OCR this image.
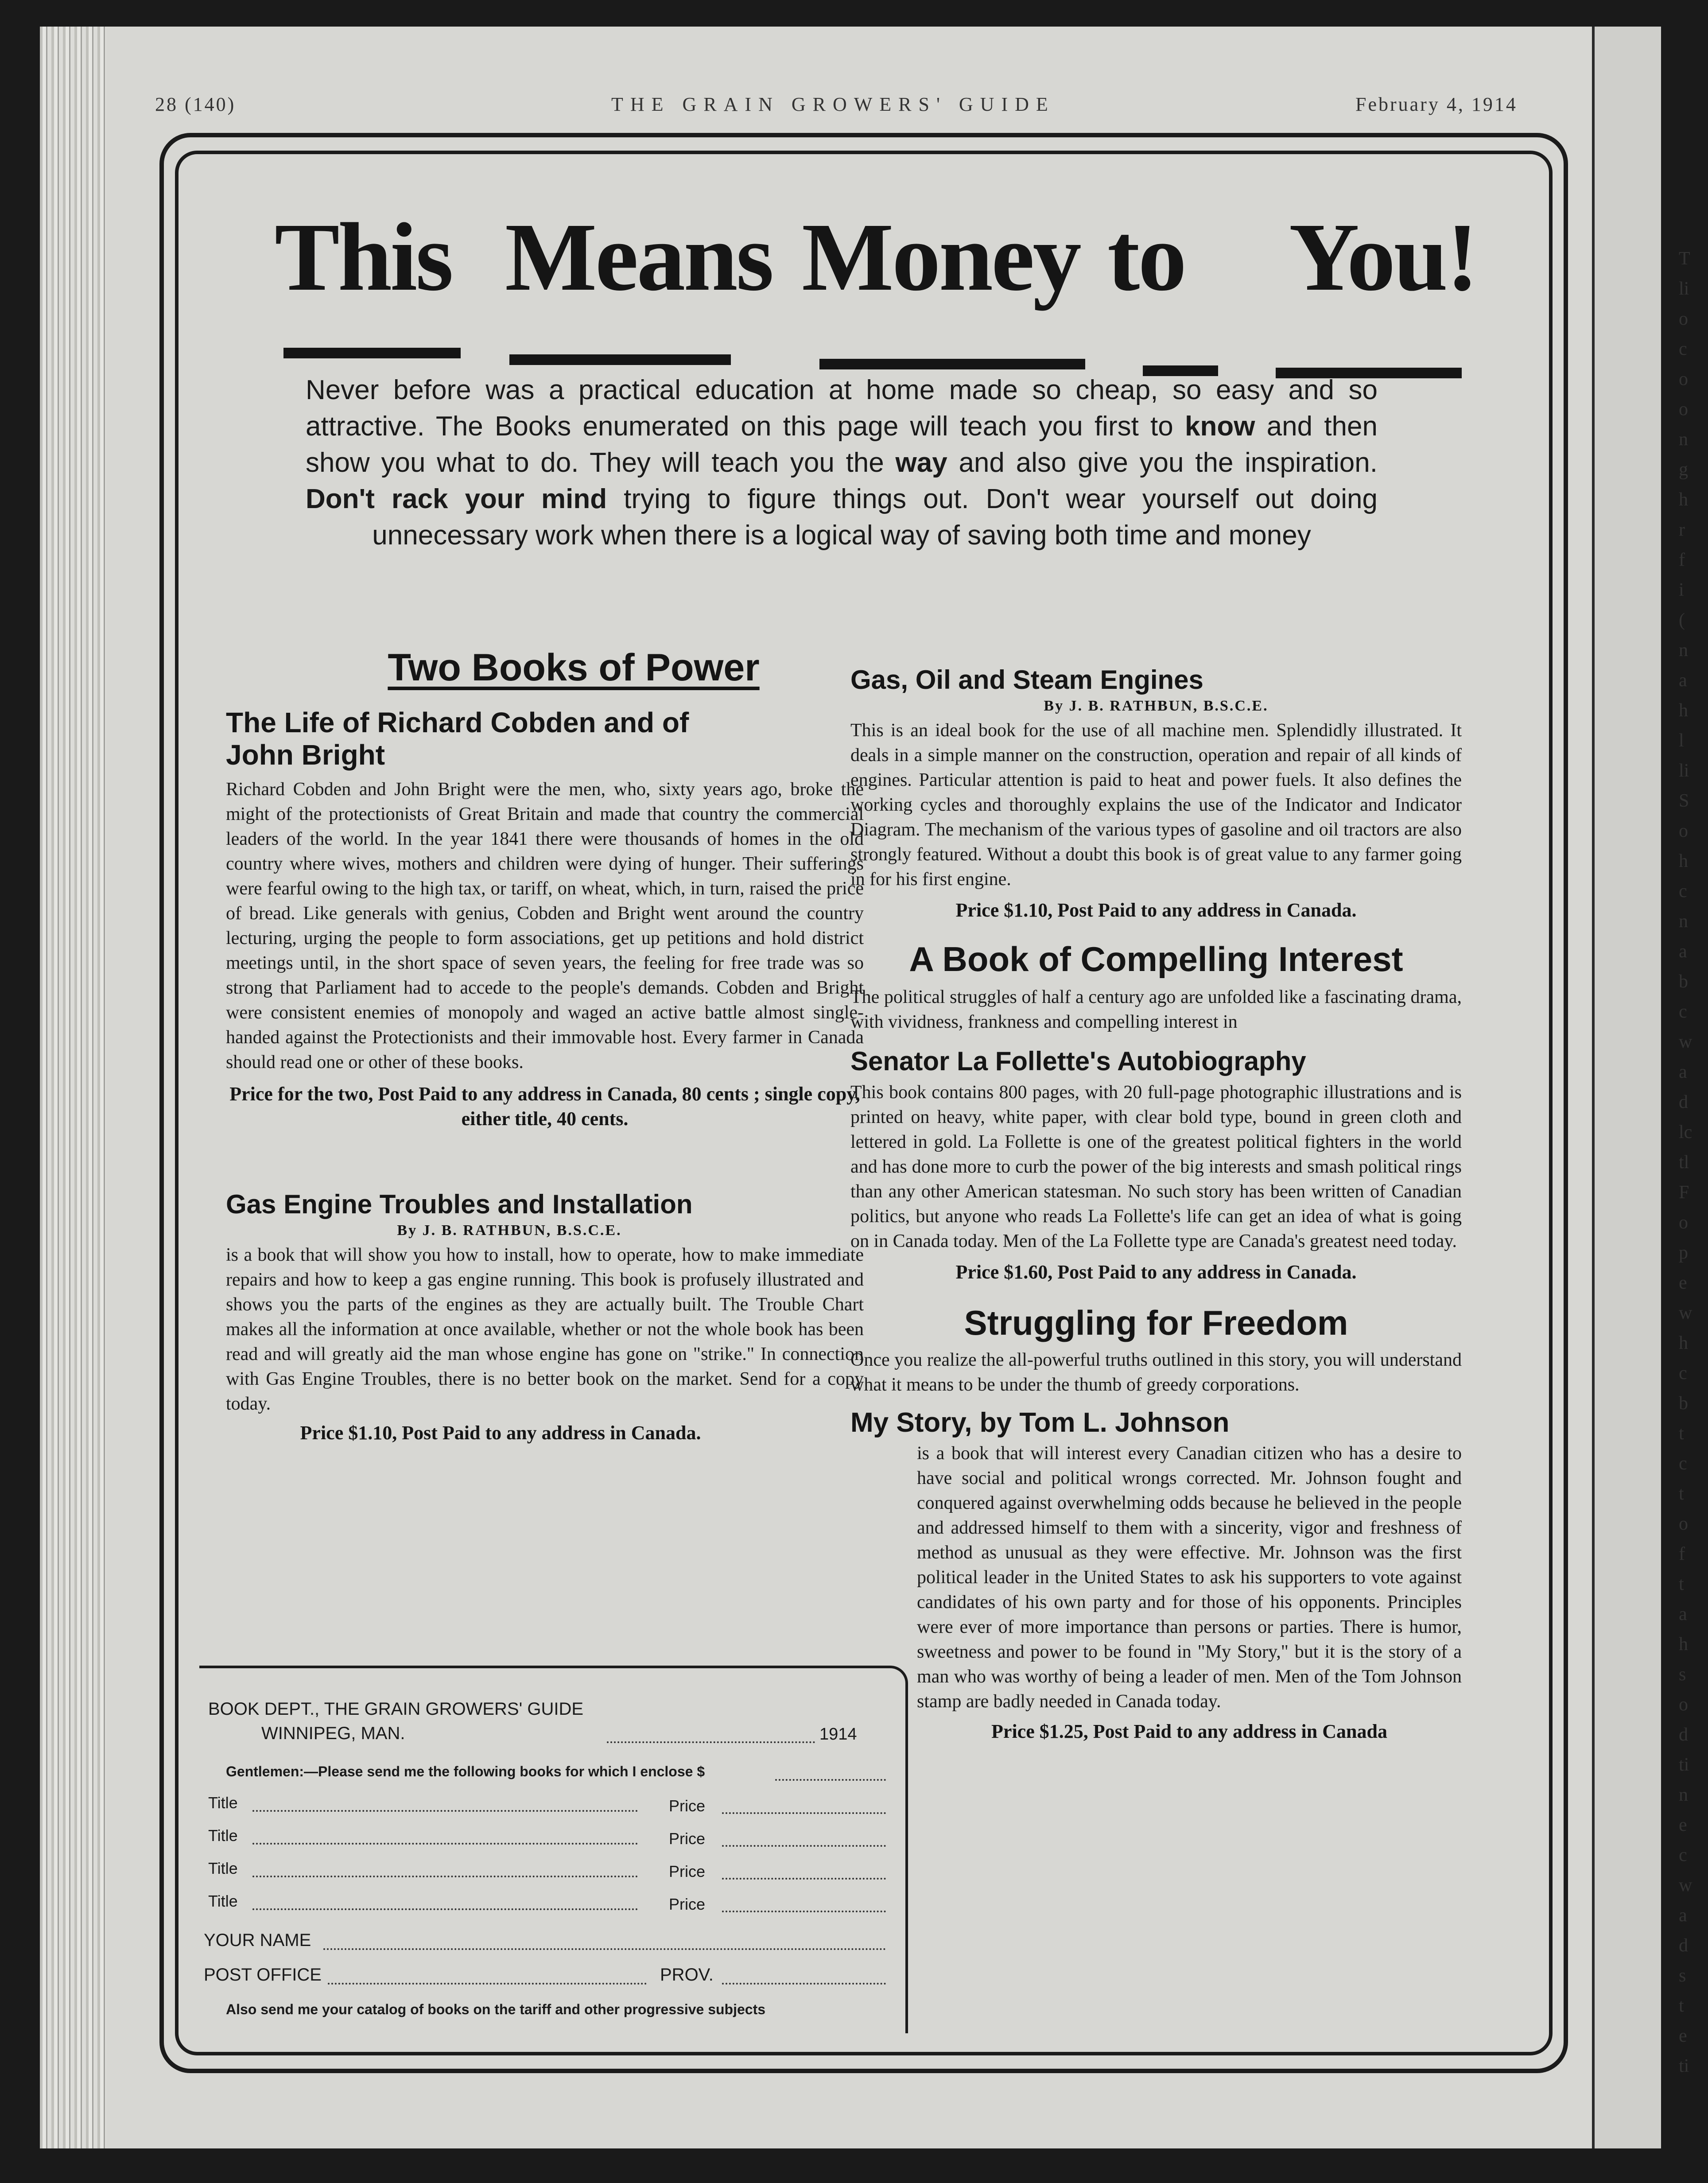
28 (140)	THE GRAIN GROWERS' GUIDE	February 4, 1914
This Means Money to You!
Never before was a practical education at home made so cheap, so easy and so attractive. The Books enumerated on this page will teach you first to know and then show you what to do. They will teach you the way and also give you the inspiration. Don't rack your mind trying to figure things out. Don't wear yourself out doing unnecessary work when there is a logical way of saving both time and money
Two Books of Power
The Life of Richard Cobden and of John Bright
Richard Cobden and John Bright were the men, who, sixty years ago, broke the might of the protectionists of Great Britain and made that country the commercial leaders of the world. In the year 1841 there were thousands of homes in the old country where wives, mothers and children were dying of hunger. Their sufferings were fearful owing to the high tax, or tariff, on wheat, which, in turn, raised the price of bread. Like generals with genius, Cobden and Bright went around the country lecturing, urging the people to form associations, get up petitions and hold district meetings until, in the short space of seven years, the feeling for free trade was so strong that Parliament had to accede to the people's demands. Cobden and Bright were consistent enemies of monopoly and waged an active battle almost single-handed against the Protectionists and their immovable host. Every farmer in Canada should read one or other of these books.
Price for the two, Post Paid to any address in Canada, 80 cents ; single copy, either title, 40 cents.
Gas Engine Troubles and Installation
By J. B. RATHBUN, B.S.C.E.
is a book that will show you how to install, how to operate, how to make immediate repairs and how to keep a gas engine running. This book is profusely illustrated and shows you the parts of the engines as they are actually built. The Trouble Chart makes all the information at once available, whether or not the whole book has been read and will greatly aid the man whose engine has gone on "strike." In connection with Gas Engine Troubles, there is no better book on the market. Send for a copy today.
Price $1.10, Post Paid to any address in Canada.
Gas, Oil and Steam Engines
By J. B. RATHBUN, B.S.C.E.
This is an ideal book for the use of all machine men. Splendidly illustrated. It deals in a simple manner on the construction, operation and repair of all kinds of engines. Particular attention is paid to heat and power fuels. It also defines the working cycles and thoroughly explains the use of the Indicator and Indicator Diagram. The mechanism of the various types of gasoline and oil tractors are also strongly featured. Without a doubt this book is of great value to any farmer going in for his first engine.
Price $1.10, Post Paid to any address in Canada.
A Book of Compelling Interest
The political struggles of half a century ago are unfolded like a fascinating drama, with vividness, frankness and compelling interest in
Senator La Follette's Autobiography
This book contains 800 pages, with 20 full-page photographic illustrations and is printed on heavy, white paper, with clear bold type, bound in green cloth and lettered in gold. La Follette is one of the greatest political fighters in the world and has done more to curb the power of the big interests and smash political rings than any other American statesman. No such story has been written of Canadian politics, but anyone who reads La Follette's life can get an idea of what is going on in Canada today. Men of the La Follette type are Canada's greatest need today.
Price $1.60, Post Paid to any address in Canada.
Struggling for Freedom
Once you realize the all-powerful truths outlined in this story, you will understand what it means to be under the thumb of greedy corporations.
My Story, by Tom L. Johnson
is a book that will interest every Canadian citizen who has a desire to have social and political wrongs corrected. Mr. Johnson fought and conquered against overwhelming odds because he believed in the people and addressed himself to them with a sincerity, vigor and freshness of method as unusual as they were effective. Mr. Johnson was the first political leader in the United States to ask his supporters to vote against candidates of his own party and for those of his opponents. Principles were ever of more importance than persons or parties. There is humor, sweetness and power to be found in "My Story," but it is the story of a man who was worthy of being a leader of men. Men of the Tom Johnson stamp are badly needed in Canada today.
Price $1.25, Post Paid to any address in Canada
BOOK DEPT., THE GRAIN GROWERS' GUIDE
WINNIPEG, MAN.	1914
Gentlemen:—Please send me the following books for which I enclose $
Title	Price
Title	Price
Title	Price
Title	Price
YOUR NAME
POST OFFICE	PROV.
Also send me your catalog of books on the tariff and other progressive subjects
T
li
o
c
o
o
n
g
h
r
f
i
(
n
a
h
l
li
S
o
h
c
n
a
b
c
w
a
d
lc
tl
F
o
p
e
w
h
c
b
t
c
t
o
f
t
a
h
s
o
d
ti
n
e
c
w
a
d
s
t
e
ti
